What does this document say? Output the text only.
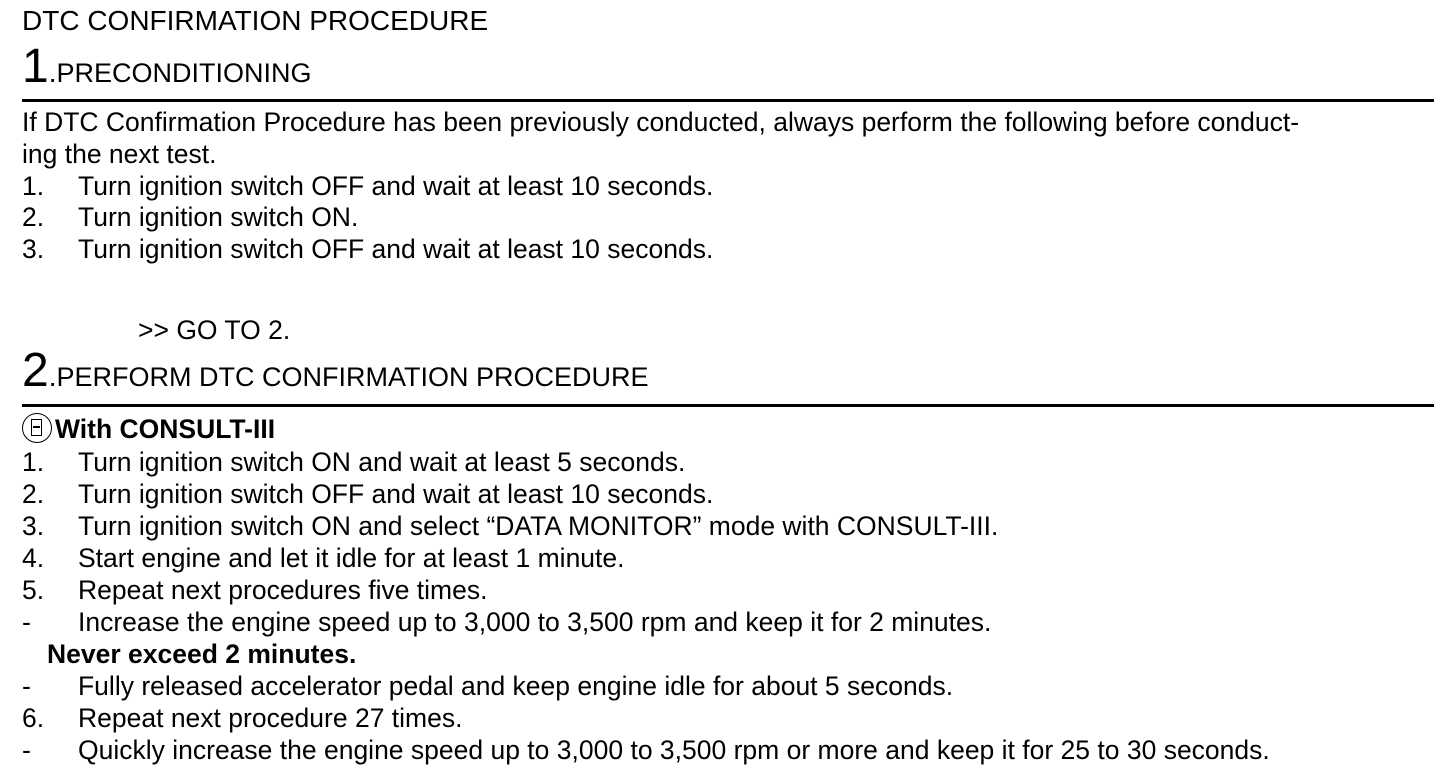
DTC CONFIRMATION PROCEDURE
1.PRECONDITIONING
If DTC Confirmation Procedure has been previously conducted, always perform the following before conduct-
ing the next test.
1. Turn ignition switch OFF and wait at least 10 seconds.
2. Turn ignition switch ON.
3. Turn ignition switch OFF and wait at least 10 seconds.
>> GO TO 2.
2.PERFORM DTC CONFIRMATION PROCEDURE
With CONSULT-III
1. Turn ignition switch ON and wait at least 5 seconds.
2. Turn ignition switch OFF and wait at least 10 seconds.
3. Turn ignition switch ON and select “DATA MONITOR” mode with CONSULT-III.
4. Start engine and let it idle for at least 1 minute.
5. Repeat next procedures five times.
- Increase the engine speed up to 3,000 to 3,500 rpm and keep it for 2 minutes.
Never exceed 2 minutes.
- Fully released accelerator pedal and keep engine idle for about 5 seconds.
6. Repeat next procedure 27 times.
- Quickly increase the engine speed up to 3,000 to 3,500 rpm or more and keep it for 25 to 30 seconds.
